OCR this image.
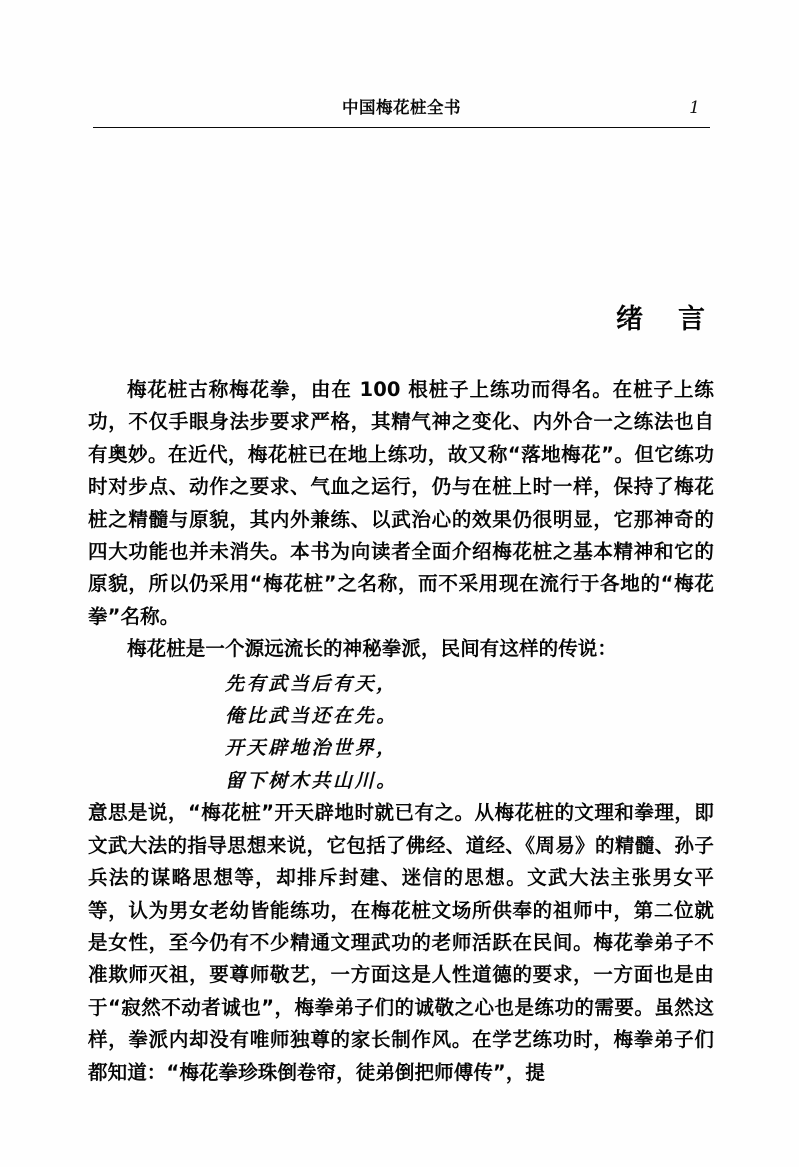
中国梅花桩全书	1
绪 言

梅花桩古称梅花拳，由在 100 根桩子上练功而得名。在桩子上练功，不仅手眼身法步要求严格，其精气神之变化、内外合一之练法也自有奥妙。在近代，梅花桩已在地上练功，故又称“落地梅花”。但它练功时对步点、动作之要求、气血之运行，仍与在桩上时一样，保持了梅花桩之精髓与原貌，其内外兼练、以武治心的效果仍很明显，它那神奇的四大功能也并未消失。本书为向读者全面介绍梅花桩之基本精神和它的原貌，所以仍采用“梅花桩”之名称，而不采用现在流行于各地的“梅花拳”名称。

梅花桩是一个源远流长的神秘拳派，民间有这样的传说：

先有武当后有天，
俺比武当还在先。
开天辟地治世界，
留下树木共山川。

意思是说，“梅花桩”开天辟地时就已有之。从梅花桩的文理和拳理，即文武大法的指导思想来说，它包括了佛经、道经、《周易》的精髓、孙子兵法的谋略思想等，却排斥封建、迷信的思想。文武大法主张男女平等，认为男女老幼皆能练功，在梅花桩文场所供奉的祖师中，第二位就是女性，至今仍有不少精通文理武功的老师活跃在民间。梅花拳弟子不准欺师灭祖，要尊师敬艺，一方面这是人性道德的要求，一方面也是由于“寂然不动者诚也”，梅拳弟子们的诚敬之心也是练功的需要。虽然这样，拳派内却没有唯师独尊的家长制作风。在学艺练功时，梅拳弟子们都知道：“梅花拳珍珠倒卷帘，徒弟倒把师傅传”，提
